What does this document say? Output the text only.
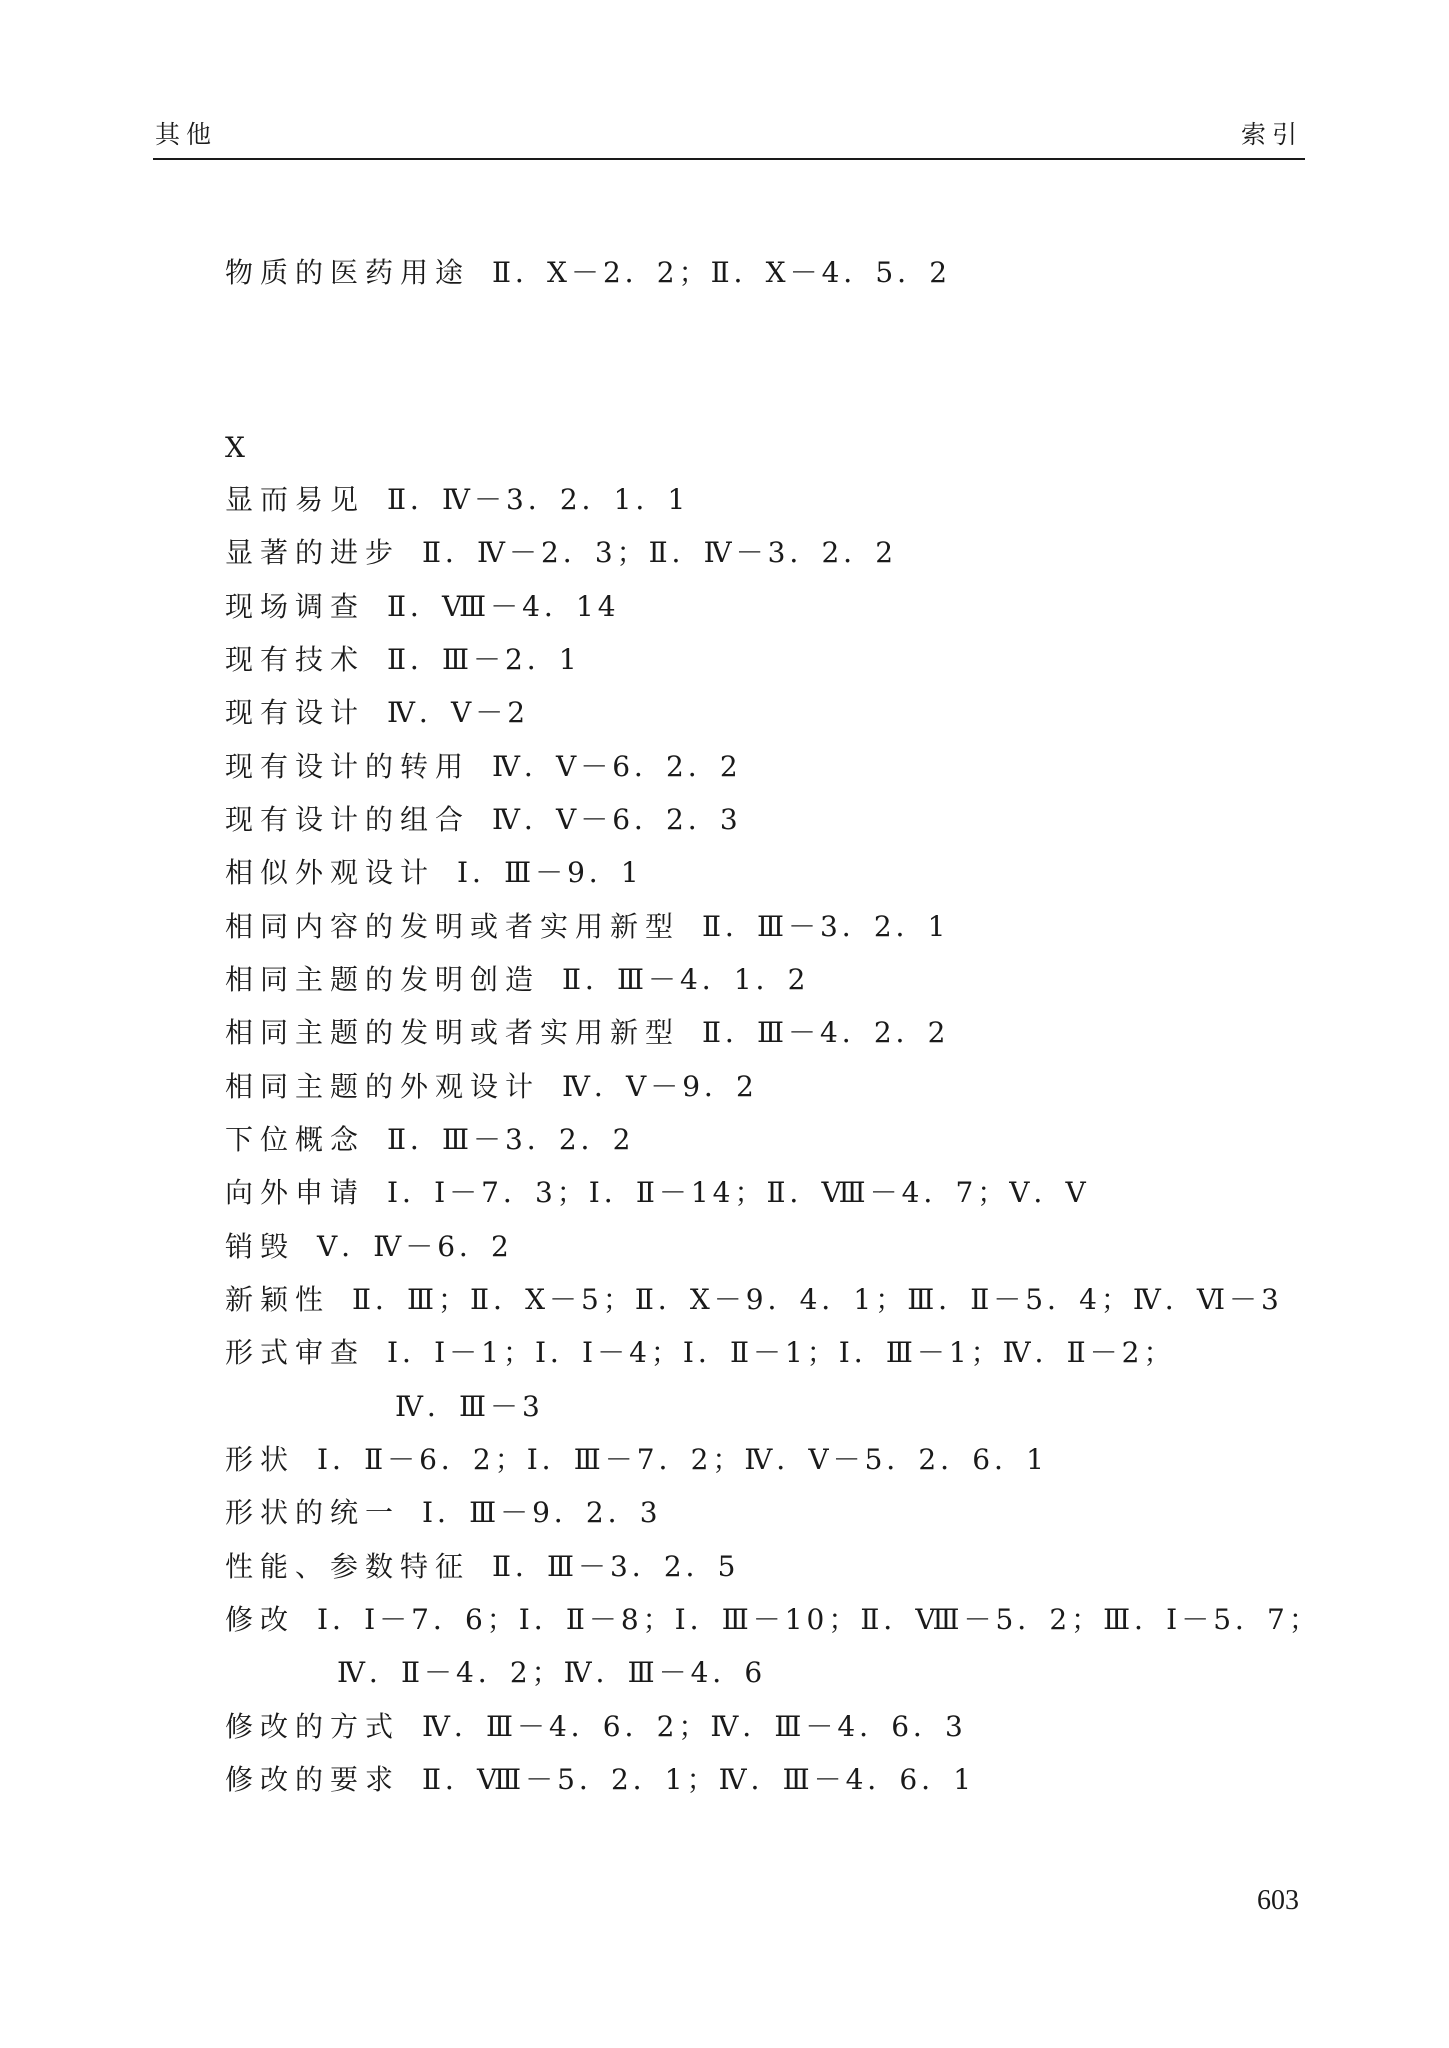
其他	索引
物质的医药用途 Ⅱ．Ⅹ－2．2；Ⅱ．Ⅹ－4．5．2
X
显而易见 Ⅱ．Ⅳ－3．2．1．1
显著的进步 Ⅱ．Ⅳ－2．3；Ⅱ．Ⅳ－3．2．2
现场调查 Ⅱ．Ⅷ－4．14
现有技术 Ⅱ．Ⅲ－2．1
现有设计 Ⅳ．Ⅴ－2
现有设计的转用 Ⅳ．Ⅴ－6．2．2
现有设计的组合 Ⅳ．Ⅴ－6．2．3
相似外观设计 Ⅰ．Ⅲ－9．1
相同内容的发明或者实用新型 Ⅱ．Ⅲ－3．2．1
相同主题的发明创造 Ⅱ．Ⅲ－4．1．2
相同主题的发明或者实用新型 Ⅱ．Ⅲ－4．2．2
相同主题的外观设计 Ⅳ．Ⅴ－9．2
下位概念 Ⅱ．Ⅲ－3．2．2
向外申请 Ⅰ．Ⅰ－7．3；Ⅰ．Ⅱ－14；Ⅱ．Ⅷ－4．7；Ⅴ．Ⅴ
销毁 Ⅴ．Ⅳ－6．2
新颖性 Ⅱ．Ⅲ；Ⅱ．Ⅹ－5；Ⅱ．Ⅹ－9．4．1；Ⅲ．Ⅱ－5．4；Ⅳ．Ⅵ－3
形式审查 Ⅰ．Ⅰ－1；Ⅰ．Ⅰ－4；Ⅰ．Ⅱ－1；Ⅰ．Ⅲ－1；Ⅳ．Ⅱ－2；
Ⅳ．Ⅲ－3
形状 Ⅰ．Ⅱ－6．2；Ⅰ．Ⅲ－7．2；Ⅳ．Ⅴ－5．2．6．1
形状的统一 Ⅰ．Ⅲ－9．2．3
性能、参数特征 Ⅱ．Ⅲ－3．2．5
修改 Ⅰ．Ⅰ－7．6；Ⅰ．Ⅱ－8；Ⅰ．Ⅲ－10；Ⅱ．Ⅷ－5．2；Ⅲ．Ⅰ－5．7；
Ⅳ．Ⅱ－4．2；Ⅳ．Ⅲ－4．6
修改的方式 Ⅳ．Ⅲ－4．6．2；Ⅳ．Ⅲ－4．6．3
修改的要求 Ⅱ．Ⅷ－5．2．1；Ⅳ．Ⅲ－4．6．1
603
